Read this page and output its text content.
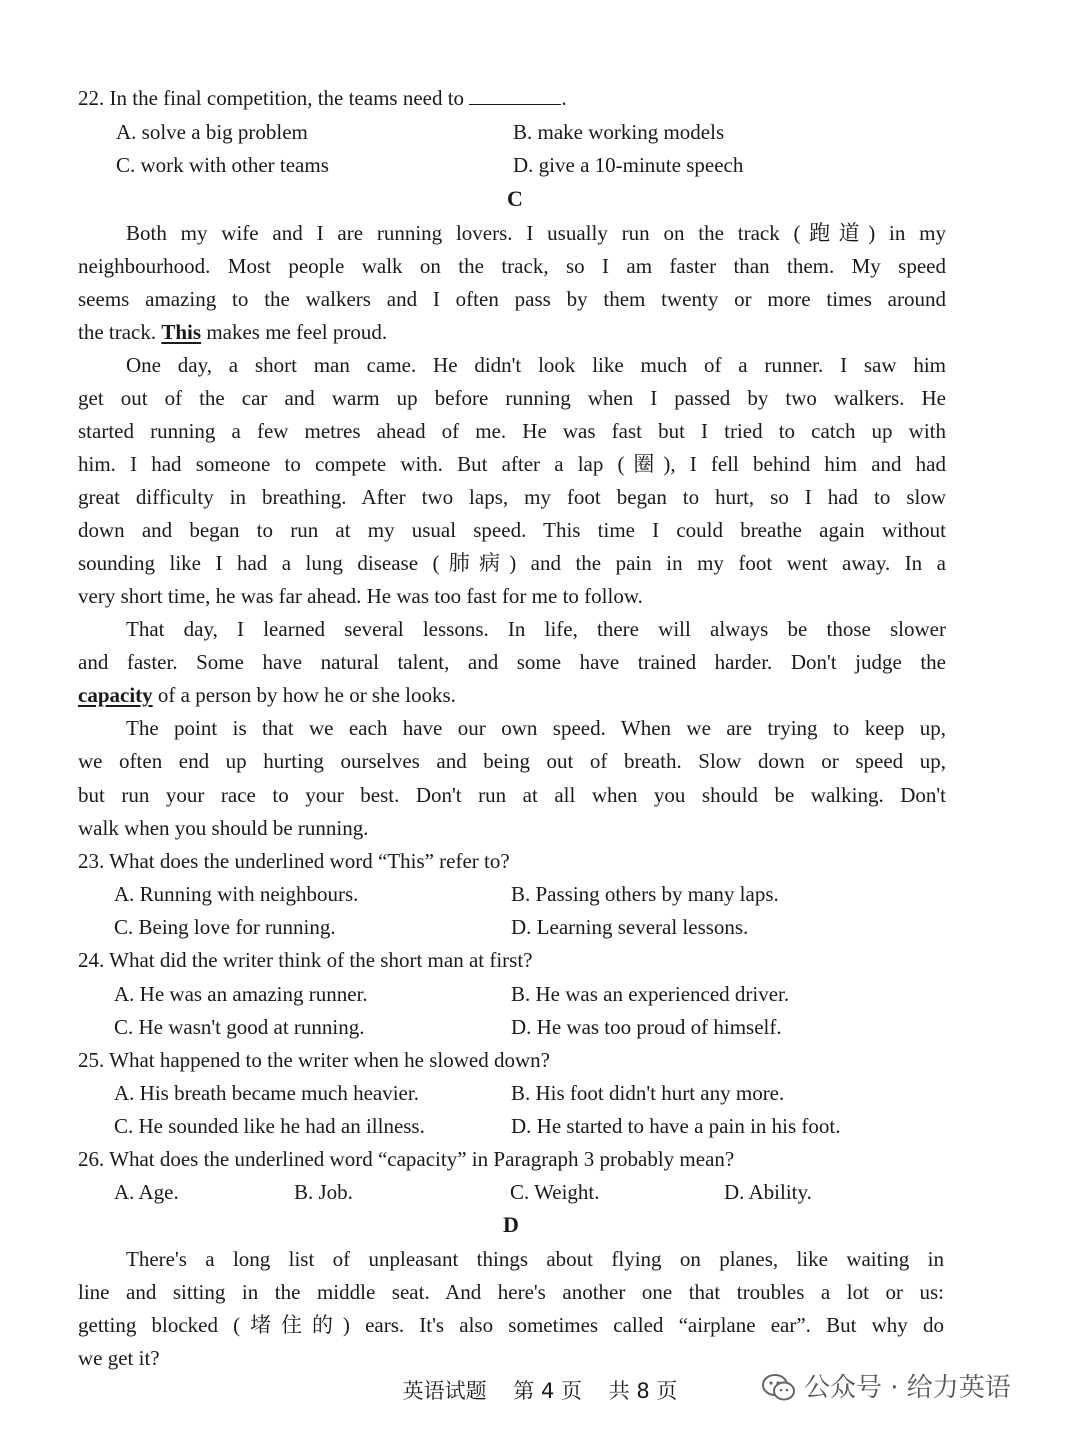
22. In the final competition, the teams need to	.
A. solve a big problem	B. make working models
C. work with other teams	D. give a 10-minute speech
C
Both my wife and I are running lovers. I usually run on the track (跑道) in my
neighbourhood. Most people walk on the track, so I am faster than them. My speed
seems amazing to the walkers and I often pass by them twenty or more times around
the track. This makes me feel proud.
One day, a short man came. He didn't look like much of a runner. I saw him
get out of the car and warm up before running when I passed by two walkers. He
started running a few metres ahead of me. He was fast but I tried to catch up with
him. I had someone to compete with. But after a lap (圈), I fell behind him and had
great difficulty in breathing. After two laps, my foot began to hurt, so I had to slow
down and began to run at my usual speed. This time I could breathe again without
sounding like I had a lung disease (肺病) and the pain in my foot went away. In a
very short time, he was far ahead. He was too fast for me to follow.
That day, I learned several lessons. In life, there will always be those slower
and faster. Some have natural talent, and some have trained harder. Don't judge the
capacity of a person by how he or she looks.
The point is that we each have our own speed. When we are trying to keep up,
we often end up hurting ourselves and being out of breath. Slow down or speed up,
but run your race to your best. Don't run at all when you should be walking. Don't
walk when you should be running.
23. What does the underlined word “This” refer to?
A. Running with neighbours.	B. Passing others by many laps.
C. Being love for running.	D. Learning several lessons.
24. What did the writer think of the short man at first?
A. He was an amazing runner.	B. He was an experienced driver.
C. He wasn't good at running.	D. He was too proud of himself.
25. What happened to the writer when he slowed down?
A. His breath became much heavier.	B. His foot didn't hurt any more.
C. He sounded like he had an illness.	D. He started to have a pain in his foot.
26. What does the underlined word “capacity” in Paragraph 3 probably mean?
A. Age.	B. Job.	C. Weight.	D. Ability.
D
There's a long list of unpleasant things about flying on planes, like waiting in
line and sitting in the middle seat. And here's another one that troubles a lot or us:
getting blocked (堵住的) ears. It's also sometimes called “airplane ear”. But why do
we get it?
英语试题 第 4 页 共 8 页	公众号 · 给力英语
